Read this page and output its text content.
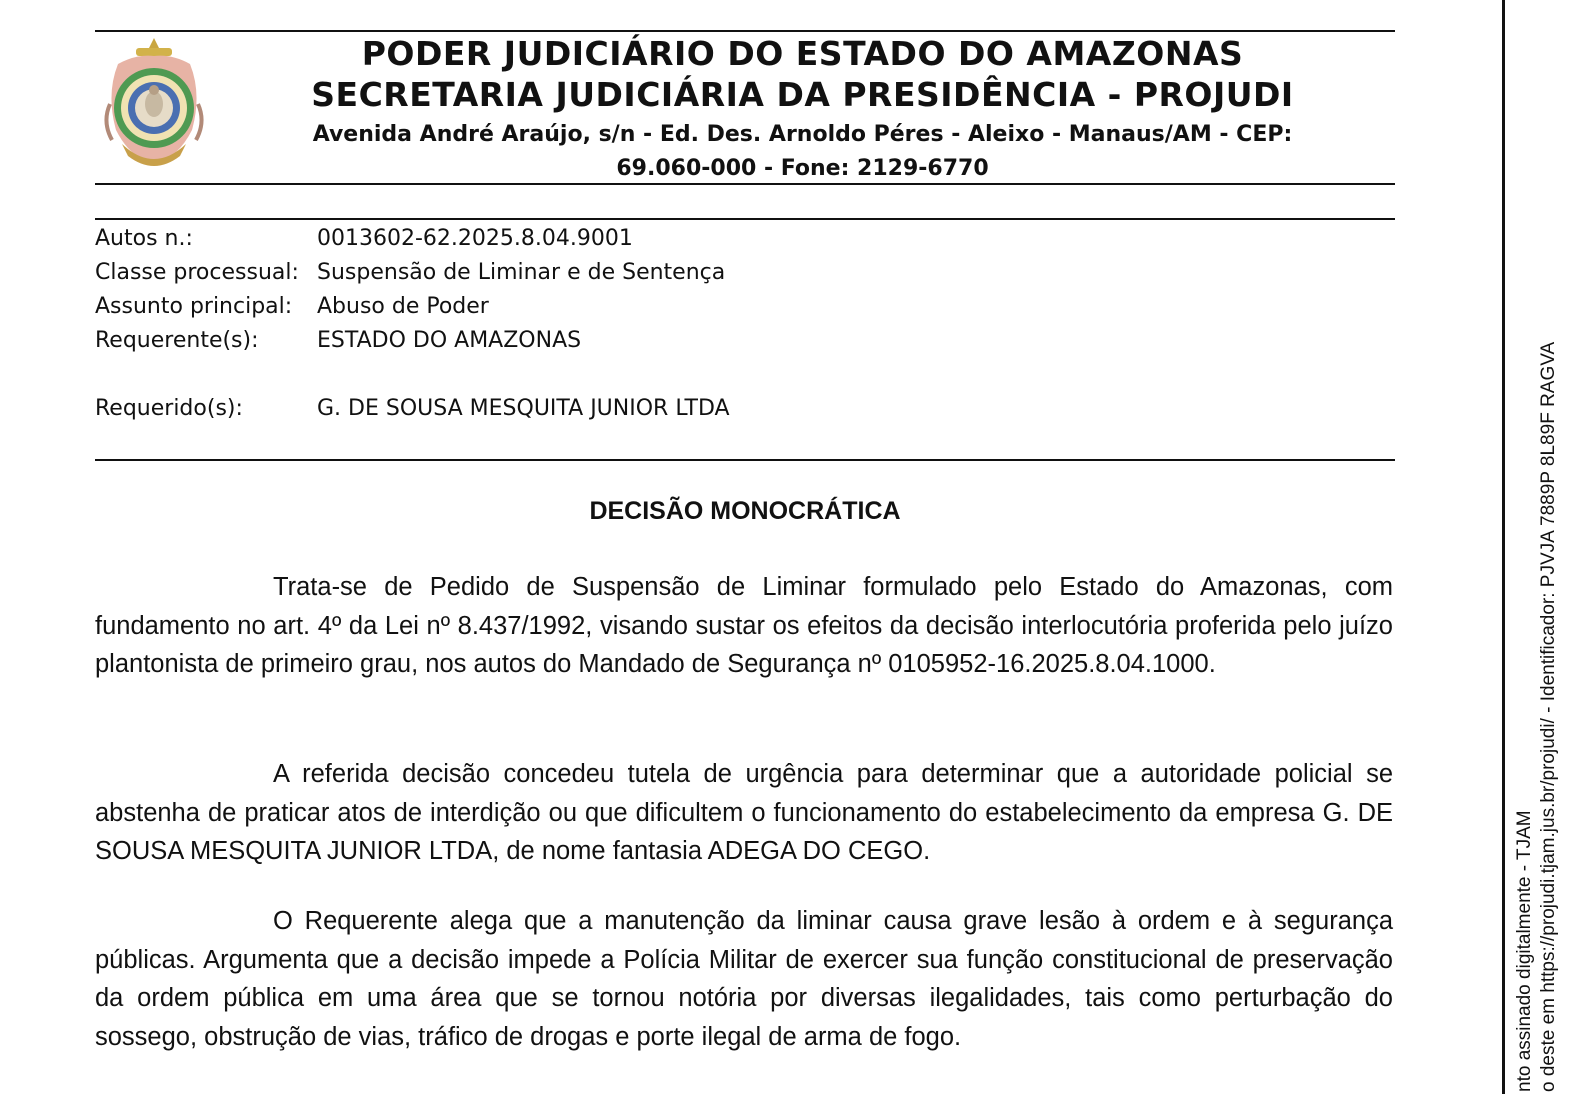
PODER JUDICIÁRIO DO ESTADO DO AMAZONAS
SECRETARIA JUDICIÁRIA DA PRESIDÊNCIA - PROJUDI
Avenida André Araújo, s/n - Ed. Des. Arnoldo Péres - Aleixo - Manaus/AM - CEP:
69.060-000 - Fone: 2129-6770
Autos n.:	0013602-62.2025.8.04.9001
Classe processual: Suspensão de Liminar e de Sentença
Assunto principal: Abuso de Poder
Requerente(s):	ESTADO DO AMAZONAS
Requerido(s):	G. DE SOUSA MESQUITA JUNIOR LTDA
DECISÃO MONOCRÁTICA

Trata-se de Pedido de Suspensão de Liminar formulado pelo Estado do Amazonas, com fundamento no art. 4º da Lei nº 8.437/1992, visando sustar os efeitos da decisão interlocutória proferida pelo juízo plantonista de primeiro grau, nos autos do Mandado de Segurança nº 0105952-16.2025.8.04.1000.

A referida decisão concedeu tutela de urgência para determinar que a autoridade policial se abstenha de praticar atos de interdição ou que dificultem o funcionamento do estabelecimento da empresa G. DE SOUSA MESQUITA JUNIOR LTDA, de nome fantasia ADEGA DO CEGO.

O Requerente alega que a manutenção da liminar causa grave lesão à ordem e à segurança públicas. Argumenta que a decisão impede a Polícia Militar de exercer sua função constitucional de preservação da ordem pública em uma área que se tornou notória por diversas ilegalidades, tais como perturbação do sossego, obstrução de vias, tráfico de drogas e porte ilegal de arma de fogo.	o deste em https://projudi.tjam.jus.br/projudi/ - Identificador: PJVJA 7889P 8L89F RAGVA
nto assinado digitalmente - TJAM
